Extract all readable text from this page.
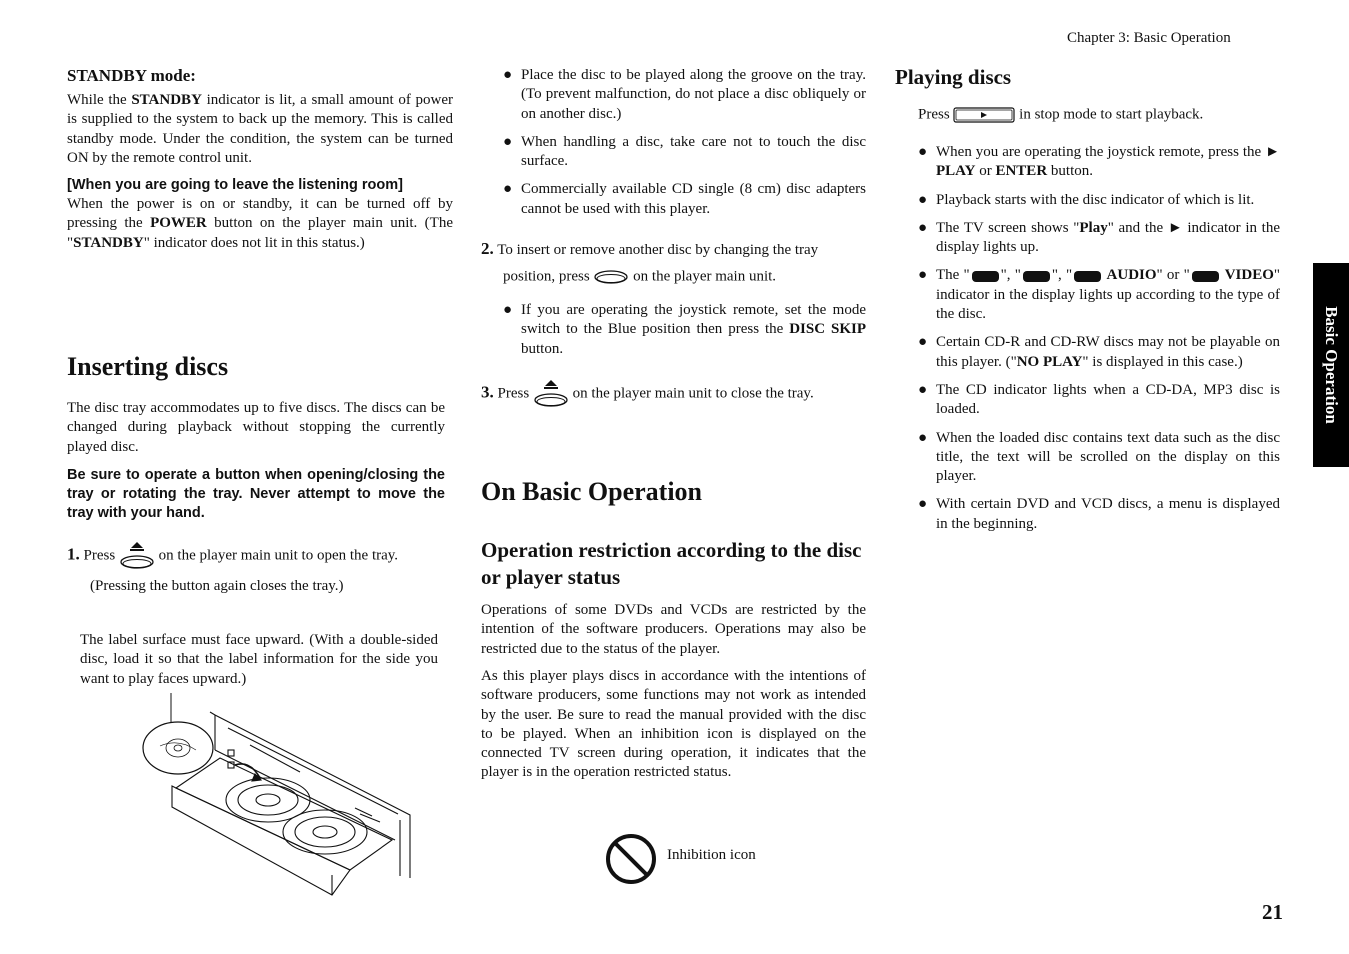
Chapter 3: Basic Operation
21
Basic Operation
STANDBY mode:

While the STANDBY indicator is lit, a small amount of power is supplied to the system to back up the memory. This is called standby mode. Under the condition, the system can be turned ON by the remote control unit.

[When you are going to leave the listening room]

When the power is on or standby, it can be turned off by pressing the POWER button on the player main unit. (The "STANDBY" indicator does not lit in this status.)

Inserting discs

The disc tray accommodates up to five discs. The discs can be changed during playback without stopping the currently played disc.

Be sure to operate a button when opening/closing the tray or rotating the tray. Never attempt to move the tray with your hand.

1. Press  on the player main unit to open the tray.

(Pressing the button again closes the tray.)

The label surface must face upward. (With a double-sided disc, load it so that the label information for the side you want to play faces upward.)

● Place the disc to be played along the groove on the tray. (To prevent malfunction, do not place a disc obliquely or on another disc.)
● When handling a disc, take care not to touch the disc surface.
● Commercially available CD single (8 cm) disc adapters cannot be used with this player.
2. To insert or remove another disc by changing the tray
position, press  on the player main unit.
● If you are operating the joystick remote, set the mode switch to the Blue position then press the DISC SKIP button.
3. Press  on the player main unit to close the tray.
On Basic Operation
Operation restriction according to the disc or player status

Operations of some DVDs and VCDs are restricted by the intention of the software producers. Operations may also be restricted due to the status of the player.

As this player plays discs in accordance with the intentions of software producers, some functions may not work as intended by the user. Be sure to read the manual provided with the disc to be played. When an inhibition icon is displayed on the connected TV screen during operation, it indicates that the player is in the operation restricted status.

Inhibition icon

Playing discs
Press	in stop mode to start playback.
● When you are operating the joystick remote, press the ► PLAY or ENTER button.
● Playback starts with the disc indicator of which is lit.
● The TV screen shows "Play" and the ► indicator in the display lights up.
● The " ", " ", " AUDIO" or " VIDEO" indicator in the display lights up according to the type of the disc.
● Certain CD-R and CD-RW discs may not be playable on this player. ("NO PLAY" is displayed in this case.)
● The CD indicator lights when a CD-DA, MP3 disc is loaded.
● When the loaded disc contains text data such as the disc title, the text will be scrolled on the display on this player.
● With certain DVD and VCD discs, a menu is displayed in the beginning.
